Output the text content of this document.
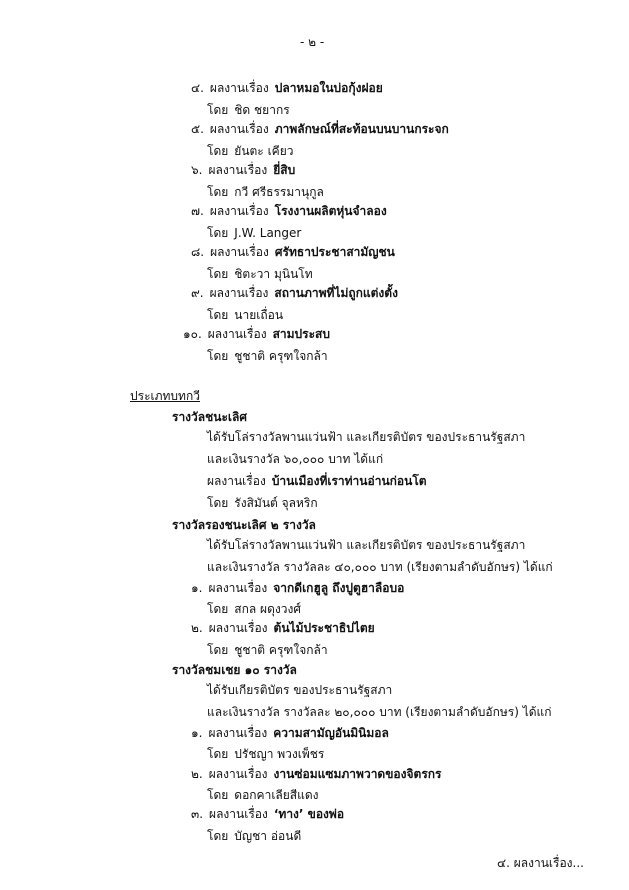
- ๒ -
๔. ผลงานเรื่อง ปลาหมอในบ่อกุ้งฝอย
โดย ชิด ชยากร
๕. ผลงานเรื่อง ภาพลักษณ์ที่สะท้อนบนบานกระจก
โดย ยันตะ เคียว
๖. ผลงานเรื่อง ยี่สิบ
โดย กวี ศรีธรรมานุกูล
๗. ผลงานเรื่อง โรงงานผลิตหุ่นจำลอง
โดย J.W. Langer
๘. ผลงานเรื่อง ศรัทธาประชาสามัญชน
โดย ชิตะวา มุนินโท
๙. ผลงานเรื่อง สถานภาพที่ไม่ถูกแต่งตั้ง
โดย นายเถื่อน
๑๐. ผลงานเรื่อง สามประสบ
โดย ชูชาติ ครุฑใจกล้า
ประเภทบทกวี
รางวัลชนะเลิศ
ได้รับโล่รางวัลพานแว่นฟ้า และเกียรติบัตร ของประธานรัฐสภา
และเงินรางวัล ๖๐,๐๐๐ บาท ได้แก่
ผลงานเรื่อง บ้านเมืองที่เราท่านอ่านก่อนโต
โดย รังสิมันต์ จุลหริก
รางวัลรองชนะเลิศ ๒ รางวัล
ได้รับโล่รางวัลพานแว่นฟ้า และเกียรติบัตร ของประธานรัฐสภา
และเงินรางวัล รางวัลละ ๔๐,๐๐๐ บาท (เรียงตามลำดับอักษร) ได้แก่
๑. ผลงานเรื่อง จากดีเกฮูลู ถึงปูตูฮาลือบอ
โดย สกล ผดุงวงศ์
๒. ผลงานเรื่อง ต้นไม้ประชาธิปไตย
โดย ชูชาติ ครุฑใจกล้า
รางวัลชมเชย ๑๐ รางวัล
ได้รับเกียรติบัตร ของประธานรัฐสภา
และเงินรางวัล รางวัลละ ๒๐,๐๐๐ บาท (เรียงตามลำดับอักษร) ได้แก่
๑. ผลงานเรื่อง ความสามัญอันมินิมอล
โดย ปรัชญา พวงเพ็ชร
๒. ผลงานเรื่อง งานซ่อมแซมภาพวาดของจิตรกร
โดย ดอกคาเลียสีแดง
๓. ผลงานเรื่อง ‘ทาง’ ของพ่อ
โดย บัญชา อ่อนดี
๔. ผลงานเรื่อง...
